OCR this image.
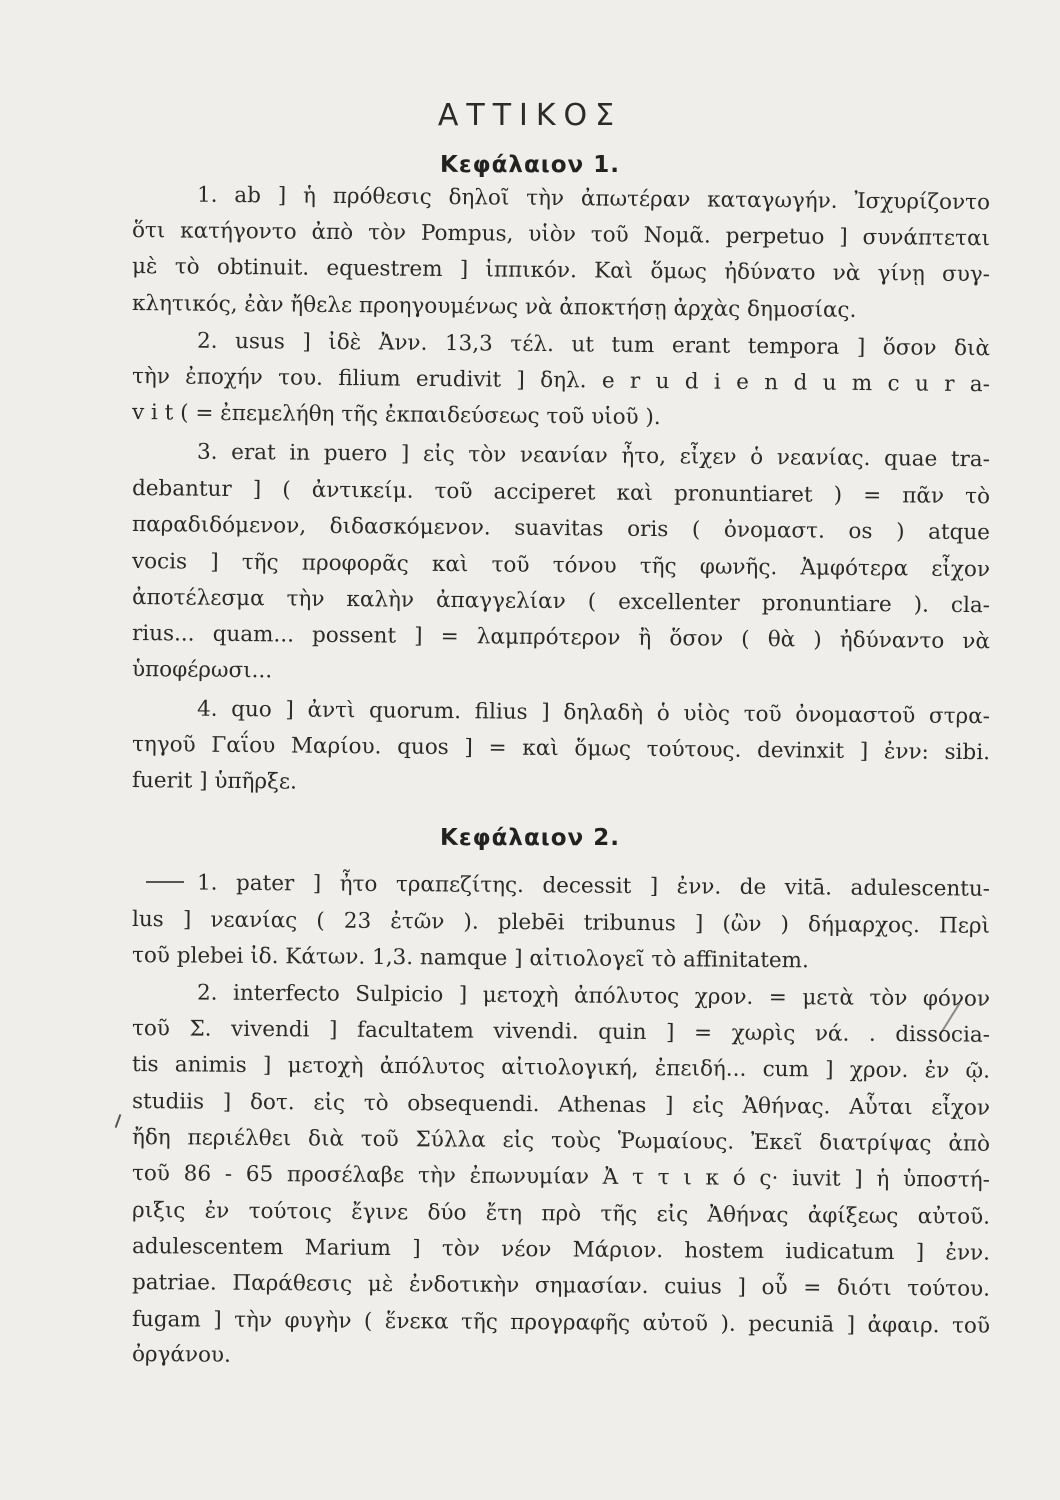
ΑΤΤΙΚΟΣ
Κεφάλαιον 1.
1. ab ] ἡ πρόθεσις δηλοῖ τὴν ἀπωτέραν καταγωγήν. Ἰσχυρίζοντο
ὅτι κατήγοντο ἀπὸ τὸν Pompus, υἱὸν τοῦ Νομᾶ. perpetuo ] συνάπτεται
μὲ τὸ obtinuit. equestrem ] ἱππικόν. Καὶ ὅμως ἠδύνατο νὰ γίνῃ συγ-
κλητικός, ἐὰν ἤθελε προηγουμένως νὰ ἀποκτήσῃ ἀρχὰς δημοσίας.
2. usus ] ἰδὲ Ἀνν. 13,3 τέλ. ut tum erant tempora ] ὅσον διὰ
τὴν ἐποχήν του. filium erudivit ] δηλ. e r u d i e n d u m c u r a-
v i t ( = ἐπεμελήθη τῆς ἐκπαιδεύσεως τοῦ υἱοῦ ).
3. erat in puero ] εἰς τὸν νεανίαν ἦτο, εἶχεν ὁ νεανίας. quae tra-
debantur ] ( ἀντικείμ. τοῦ acciperet καὶ pronuntiaret ) = πᾶν τὸ
παραδιδόμενον, διδασκόμενον. suavitas oris ( ὀνομαστ. os ) atque
vocis ] τῆς προφορᾶς καὶ τοῦ τόνου τῆς φωνῆς. Ἀμφότερα εἶχον
ἀποτέλεσμα τὴν καλὴν ἀπαγγελίαν ( excellenter pronuntiare ). cla-
rius... quam... possent ] = λαμπρότερον ἢ ὅσον ( θὰ ) ἠδύναντο νὰ
ὑποφέρωσι...
4. quo ] ἀντὶ quorum. filius ] δηλαδὴ ὁ υἱὸς τοῦ ὀνομαστοῦ στρα-
τηγοῦ Γαΐου Μαρίου. quos ] = καὶ ὅμως τούτους. devinxit ] ἐνν: sibi.
fuerit ] ὑπῆρξε.
Κεφάλαιον 2.
1. pater ] ἦτο τραπεζίτης. decessit ] ἐνν. de vitā. adulescentu-
lus ] νεανίας ( 23 ἐτῶν ). plebēi tribunus ] (ὢν ) δήμαρχος. Περὶ
τοῦ plebei ἰδ. Κάτων. 1,3. namque ] αἰτιολογεῖ τὸ affinitatem.
2. interfecto Sulpicio ] μετοχὴ ἀπόλυτος χρον. = μετὰ τὸν φόνον
τοῦ Σ. vivendi ] facultatem vivendi. quin ] = χωρὶς νά. . dissocia-
tis animis ] μετοχὴ ἀπόλυτος αἰτιολογική, ἐπειδή... cum ] χρον. ἐν ῷ.
studiis ] δοτ. εἰς τὸ obsequendi. Athenas ] εἰς Ἀθήνας. Αὗται εἶχον
ἤδη περιέλθει διὰ τοῦ Σύλλα εἰς τοὺς Ῥωμαίους. Ἐκεῖ διατρίψας ἀπὸ
τοῦ 86 - 65 προσέλαβε τὴν ἐπωνυμίαν Ἀ τ τ ι κ ό ς· iuvit ] ἡ ὑποστή-
ριξις ἐν τούτοις ἔγινε δύο ἔτη πρὸ τῆς εἰς Ἀθήνας ἀφίξεως αὐτοῦ.
adulescentem Marium ] τὸν νέον Μάριον. hostem iudicatum ] ἐνν.
patriae. Παράθεσις μὲ ἐνδοτικὴν σημασίαν. cuius ] οὗ = διότι τούτου.
fugam ] τὴν φυγὴν ( ἕνεκα τῆς προγραφῆς αὐτοῦ ). pecuniā ] ἀφαιρ. τοῦ
ὀργάνου.
